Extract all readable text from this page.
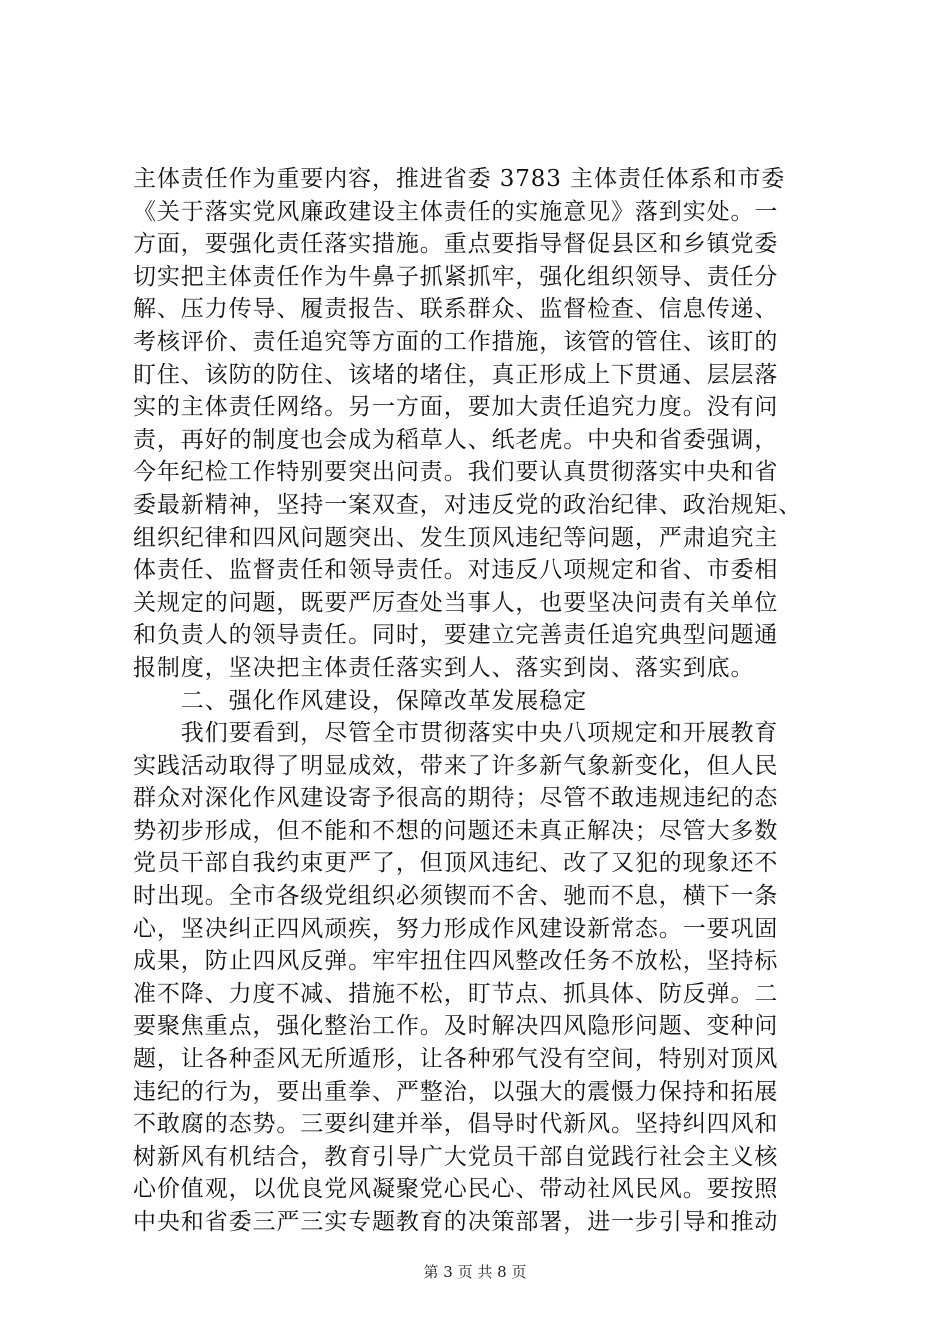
主体责任作为重要内容，推进省委 3783 主体责任体系和市委
《关于落实党风廉政建设主体责任的实施意见》落到实处。一
方面，要强化责任落实措施。重点要指导督促县区和乡镇党委
切实把主体责任作为牛鼻子抓紧抓牢，强化组织领导、责任分
解、压力传导、履责报告、联系群众、监督检查、信息传递、
考核评价、责任追究等方面的工作措施，该管的管住、该盯的
盯住、该防的防住、该堵的堵住，真正形成上下贯通、层层落
实的主体责任网络。另一方面，要加大责任追究力度。没有问
责，再好的制度也会成为稻草人、纸老虎。中央和省委强调，
今年纪检工作特别要突出问责。我们要认真贯彻落实中央和省
委最新精神，坚持一案双查，对违反党的政治纪律、政治规矩、
组织纪律和四风问题突出、发生顶风违纪等问题，严肃追究主
体责任、监督责任和领导责任。对违反八项规定和省、市委相
关规定的问题，既要严厉查处当事人，也要坚决问责有关单位
和负责人的领导责任。同时，要建立完善责任追究典型问题通
报制度，坚决把主体责任落实到人、落实到岗、落实到底。
　　二、强化作风建设，保障改革发展稳定
　　我们要看到，尽管全市贯彻落实中央八项规定和开展教育
实践活动取得了明显成效，带来了许多新气象新变化，但人民
群众对深化作风建设寄予很高的期待；尽管不敢违规违纪的态
势初步形成，但不能和不想的问题还未真正解决；尽管大多数
党员干部自我约束更严了，但顶风违纪、改了又犯的现象还不
时出现。全市各级党组织必须锲而不舍、驰而不息，横下一条
心，坚决纠正四风顽疾，努力形成作风建设新常态。一要巩固
成果，防止四风反弹。牢牢扭住四风整改任务不放松，坚持标
准不降、力度不减、措施不松，盯节点、抓具体、防反弹。二
要聚焦重点，强化整治工作。及时解决四风隐形问题、变种问
题，让各种歪风无所遁形，让各种邪气没有空间，特别对顶风
违纪的行为，要出重拳、严整治，以强大的震慑力保持和拓展
不敢腐的态势。三要纠建并举，倡导时代新风。坚持纠四风和
树新风有机结合，教育引导广大党员干部自觉践行社会主义核
心价值观，以优良党风凝聚党心民心、带动社风民风。要按照
中央和省委三严三实专题教育的决策部署，进一步引导和推动
第 3 页 共 8 页
